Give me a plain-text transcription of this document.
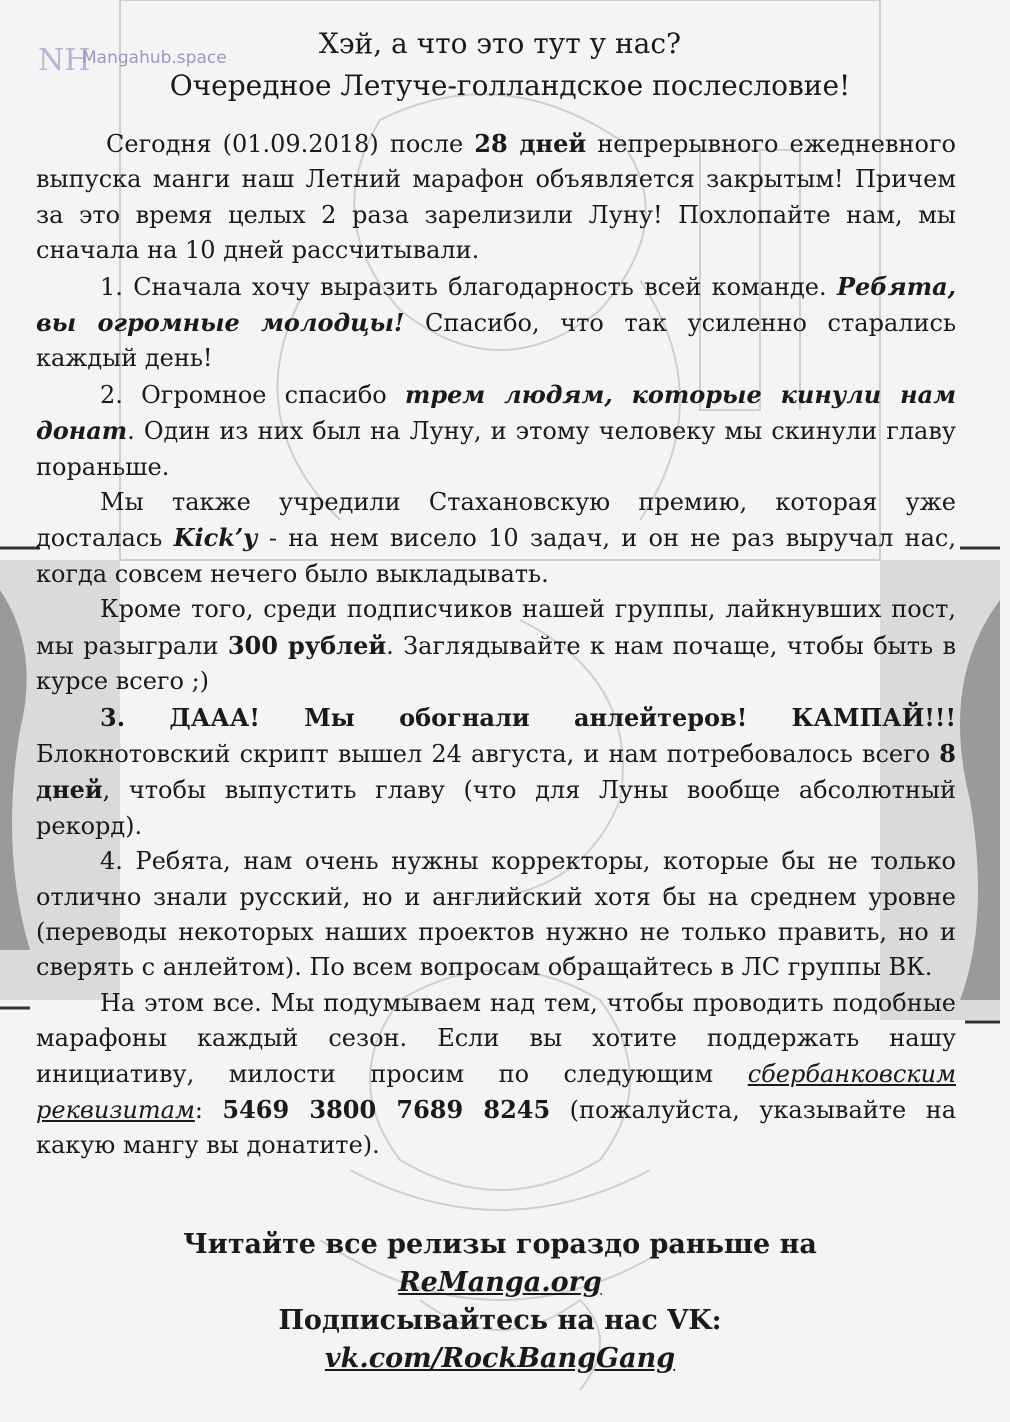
NH
Mangahub.space	Хэй, а что это тут у нас?
Очередное Летуче-голландское послесловие!

Сегодня (01.09.2018) после 28 дней непрерывного ежедневного выпуска манги наш Летний марафон объявляется закрытым! Причем за это время целых 2 раза зарелизили Луну! Похлопайте нам, мы сначала на 10 дней рассчитывали.

1. Сначала хочу выразить благодарность всей команде. Ребята, вы огромные молодцы! Спасибо, что так усиленно старались каждый день!

2. Огромное спасибо трем людям, которые кинули нам донат. Один из них был на Луну, и этому человеку мы скинули главу пораньше.

Мы также учредили Стахановскую премию, которая уже досталась Kick’у - на нем висело 10 задач, и он не раз выручал нас, когда совсем нечего было выкладывать.

Кроме того, среди подписчиков нашей группы, лайкнувших пост, мы разыграли 300 рублей. Заглядывайте к нам почаще, чтобы быть в курсе всего ;)

3. ДААА! Мы обогнали анлейтеров! КАМПАЙ!!! Блокнотовский скрипт вышел 24 августа, и нам потребовалось всего 8 дней, чтобы выпустить главу (что для Луны вообще абсолютный рекорд).

4. Ребята, нам очень нужны корректоры, которые бы не только отлично знали русский, но и английский хотя бы на среднем уровне (переводы некоторых наших проектов нужно не только править, но и сверять с анлейтом). По всем вопросам обращайтесь в ЛС группы ВК.

На этом все. Мы подумываем над тем, чтобы проводить подобные марафоны каждый сезон. Если вы хотите поддержать нашу инициативу, милости просим по следующим сбербанковским реквизитам: 5469 3800 7689 8245 (пожалуйста, указывайте на какую мангу вы донатите).

Читайте все релизы гораздо раньше на
ReManga.org
Подписывайтесь на нас VK:
vk.com/RockBangGang
